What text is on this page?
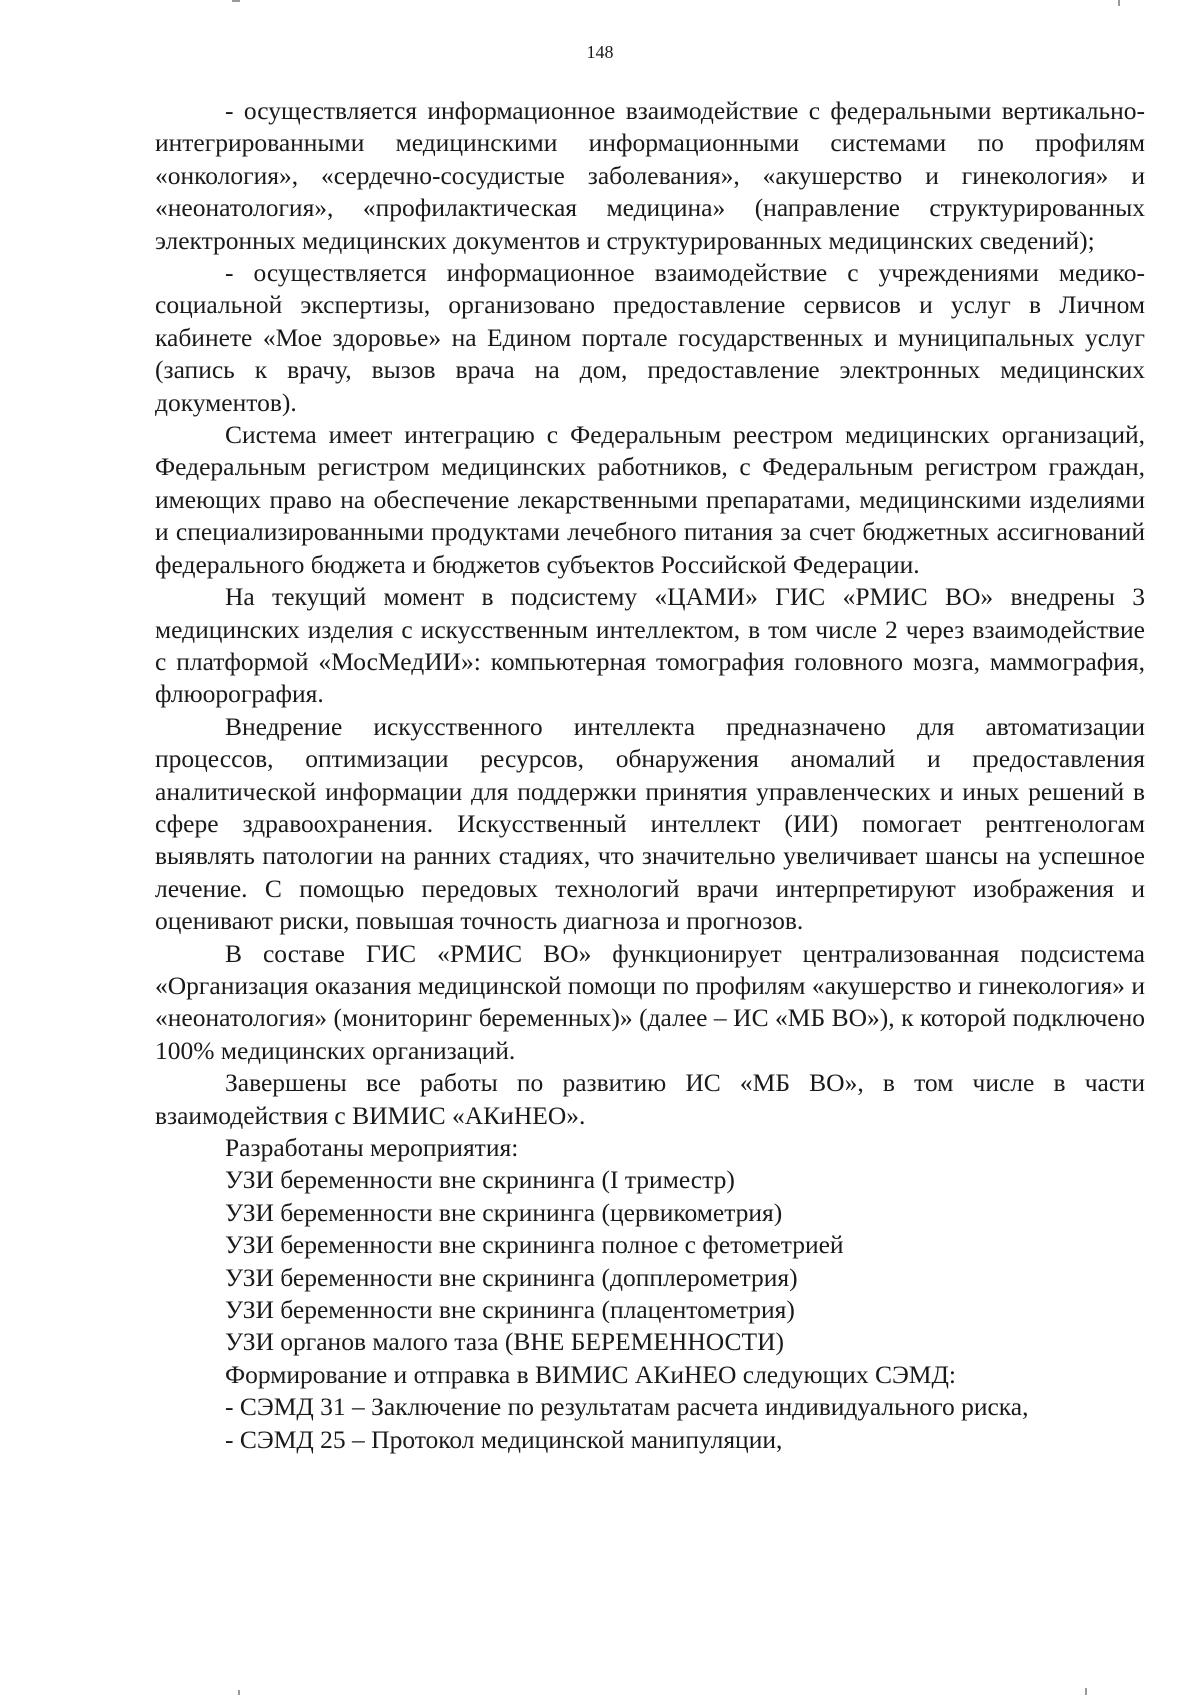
148

- осуществляется информационное взаимодействие с федеральными вертикально-интегрированными медицинскими информационными системами по профилям «онкология», «сердечно-сосудистые заболевания», «акушерство и гинекология» и «неонатология», «профилактическая медицина» (направление структурированных электронных медицинских документов и структурированных медицинских сведений);

- осуществляется информационное взаимодействие с учреждениями медико-социальной экспертизы, организовано предоставление сервисов и услуг в Личном кабинете «Мое здоровье» на Едином портале государственных и муниципальных услуг (запись к врачу, вызов врача на дом, предоставление электронных медицинских документов).

Система имеет интеграцию с Федеральным реестром медицинских организаций, Федеральным регистром медицинских работников, с Федеральным регистром граждан, имеющих право на обеспечение лекарственными препаратами, медицинскими изделиями и специализированными продуктами лечебного питания за счет бюджетных ассигнований федерального бюджета и бюджетов субъектов Российской Федерации.

На текущий момент в подсистему «ЦАМИ» ГИС «РМИС ВО» внедрены 3 медицинских изделия с искусственным интеллектом, в том числе 2 через взаимодействие с платформой «МосМедИИ»: компьютерная томография головного мозга, маммография, флюорография.

Внедрение искусственного интеллекта предназначено для автоматизации процессов, оптимизации ресурсов, обнаружения аномалий и предоставления аналитической информации для поддержки принятия управленческих и иных решений в сфере здравоохранения. Искусственный интеллект (ИИ) помогает рентгенологам выявлять патологии на ранних стадиях, что значительно увеличивает шансы на успешное лечение. С помощью передовых технологий врачи интерпретируют изображения и оценивают риски, повышая точность диагноза и прогнозов.

В составе ГИС «РМИС ВО» функционирует централизованная подсистема «Организация оказания медицинской помощи по профилям «акушерство и гинекология» и «неонатология» (мониторинг беременных)» (далее – ИС «МБ ВО»), к которой подключено 100% медицинских организаций.

Завершены все работы по развитию ИС «МБ ВО», в том числе в части взаимодействия с ВИМИС «АКиНЕО».

Разработаны мероприятия:
УЗИ беременности вне скрининга (I триместр)
УЗИ беременности вне скрининга (цервикометрия)
УЗИ беременности вне скрининга полное с фетометрией
УЗИ беременности вне скрининга (допплерометрия)
УЗИ беременности вне скрининга (плацентометрия)
УЗИ органов малого таза (ВНЕ БЕРЕМЕННОСТИ)
Формирование и отправка в ВИМИС АКиНЕО следующих СЭМД:
- СЭМД 31 – Заключение по результатам расчета индивидуального риска,
- СЭМД 25 – Протокол медицинской манипуляции,
